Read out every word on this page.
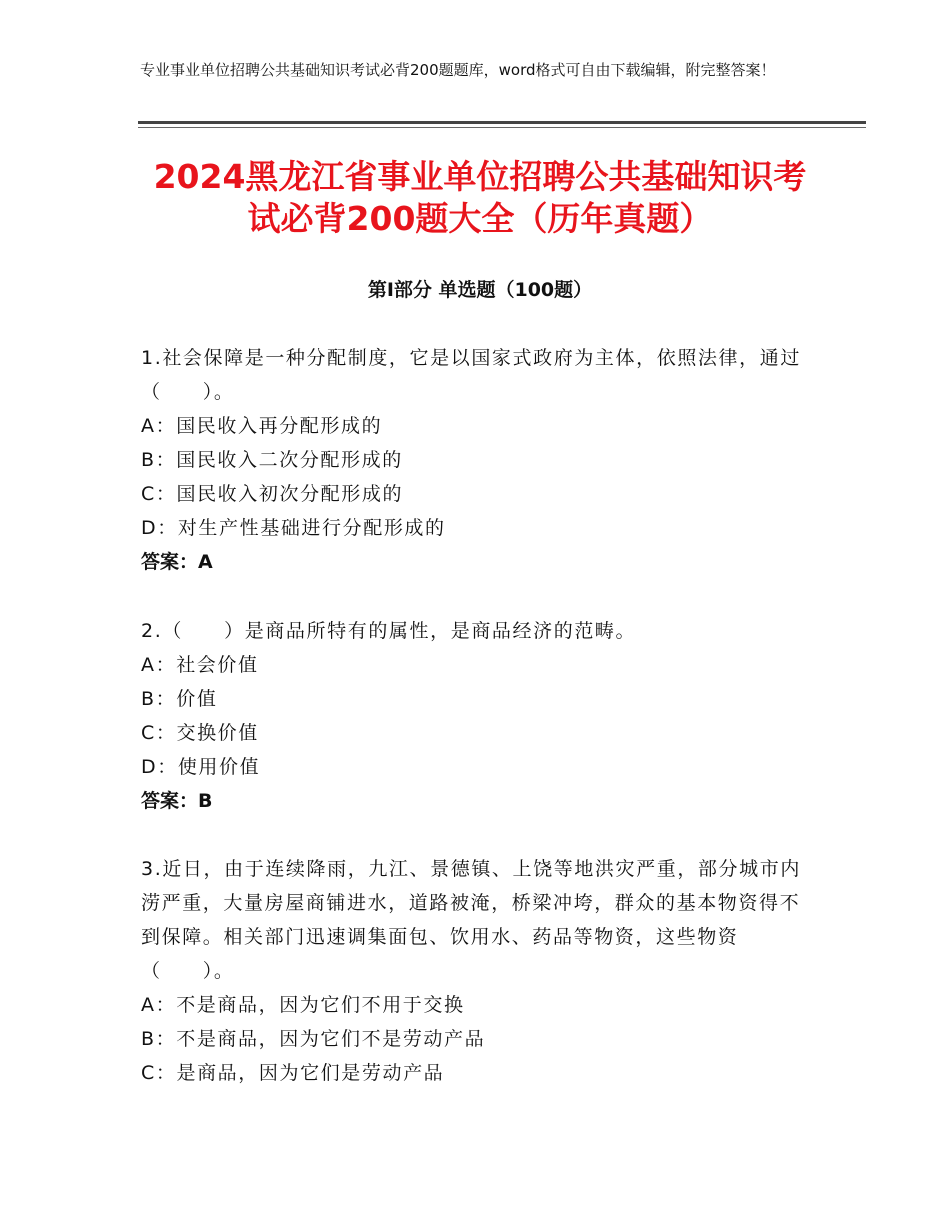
专业事业单位招聘公共基础知识考试必背200题题库，word格式可自由下载编辑，附完整答案！
2024黑龙江省事业单位招聘公共基础知识考
试必背200题大全（历年真题）
第I部分 单选题（100题）
1.社会保障是一种分配制度，它是以国家式政府为主体，依照法律，通过（　　）。
A：国民收入再分配形成的
B：国民收入二次分配形成的
C：国民收入初次分配形成的
D：对生产性基础进行分配形成的
答案：A
2.（　　）是商品所特有的属性，是商品经济的范畴。
A：社会价值
B：价值
C：交换价值
D：使用价值
答案：B
3.近日，由于连续降雨，九江、景德镇、上饶等地洪灾严重，部分城市内涝严重，大量房屋商铺进水，道路被淹，桥梁冲垮，群众的基本物资得不到保障。相关部门迅速调集面包、饮用水、药品等物资，这些物资（　　）。
A：不是商品，因为它们不用于交换
B：不是商品，因为它们不是劳动产品
C：是商品，因为它们是劳动产品
